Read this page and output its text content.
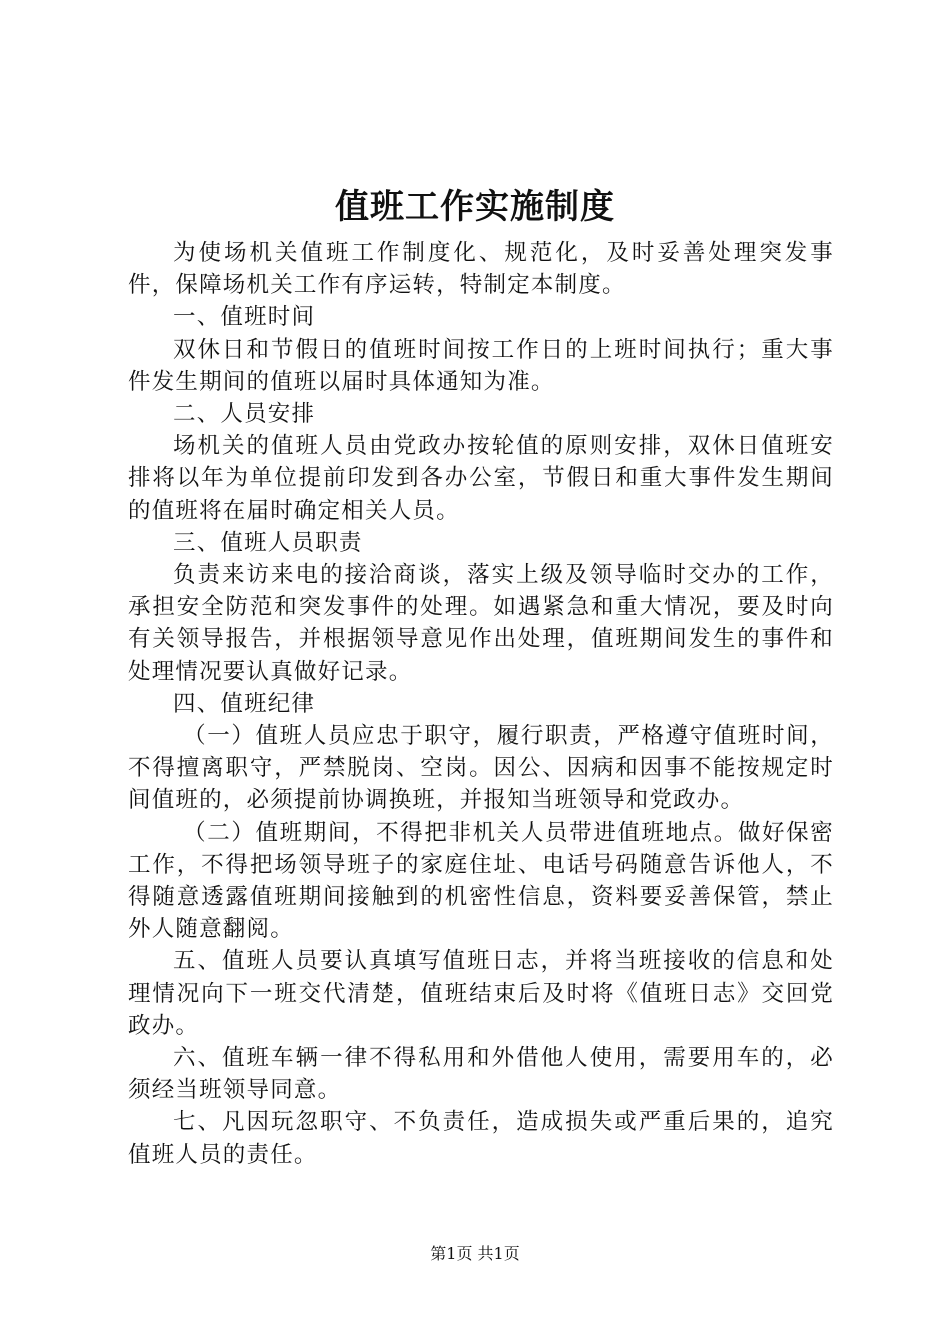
值班工作实施制度

为使场机关值班工作制度化、规范化，及时妥善处理突发事件，保障场机关工作有序运转，特制定本制度。

一、值班时间

双休日和节假日的值班时间按工作日的上班时间执行；重大事件发生期间的值班以届时具体通知为准。

二、人员安排

场机关的值班人员由党政办按轮值的原则安排，双休日值班安排将以年为单位提前印发到各办公室，节假日和重大事件发生期间的值班将在届时确定相关人员。

三、值班人员职责

负责来访来电的接洽商谈，落实上级及领导临时交办的工作，承担安全防范和突发事件的处理。如遇紧急和重大情况，要及时向有关领导报告，并根据领导意见作出处理，值班期间发生的事件和处理情况要认真做好记录。

四、值班纪律

（一）值班人员应忠于职守，履行职责，严格遵守值班时间，不得擅离职守，严禁脱岗、空岗。因公、因病和因事不能按规定时间值班的，必须提前协调换班，并报知当班领导和党政办。

（二）值班期间，不得把非机关人员带进值班地点。做好保密工作，不得把场领导班子的家庭住址、电话号码随意告诉他人，不得随意透露值班期间接触到的机密性信息，资料要妥善保管，禁止外人随意翻阅。

五、值班人员要认真填写值班日志，并将当班接收的信息和处理情况向下一班交代清楚，值班结束后及时将《值班日志》交回党政办。

六、值班车辆一律不得私用和外借他人使用，需要用车的，必须经当班领导同意。

七、凡因玩忽职守、不负责任，造成损失或严重后果的，追究值班人员的责任。

第1页 共1页
